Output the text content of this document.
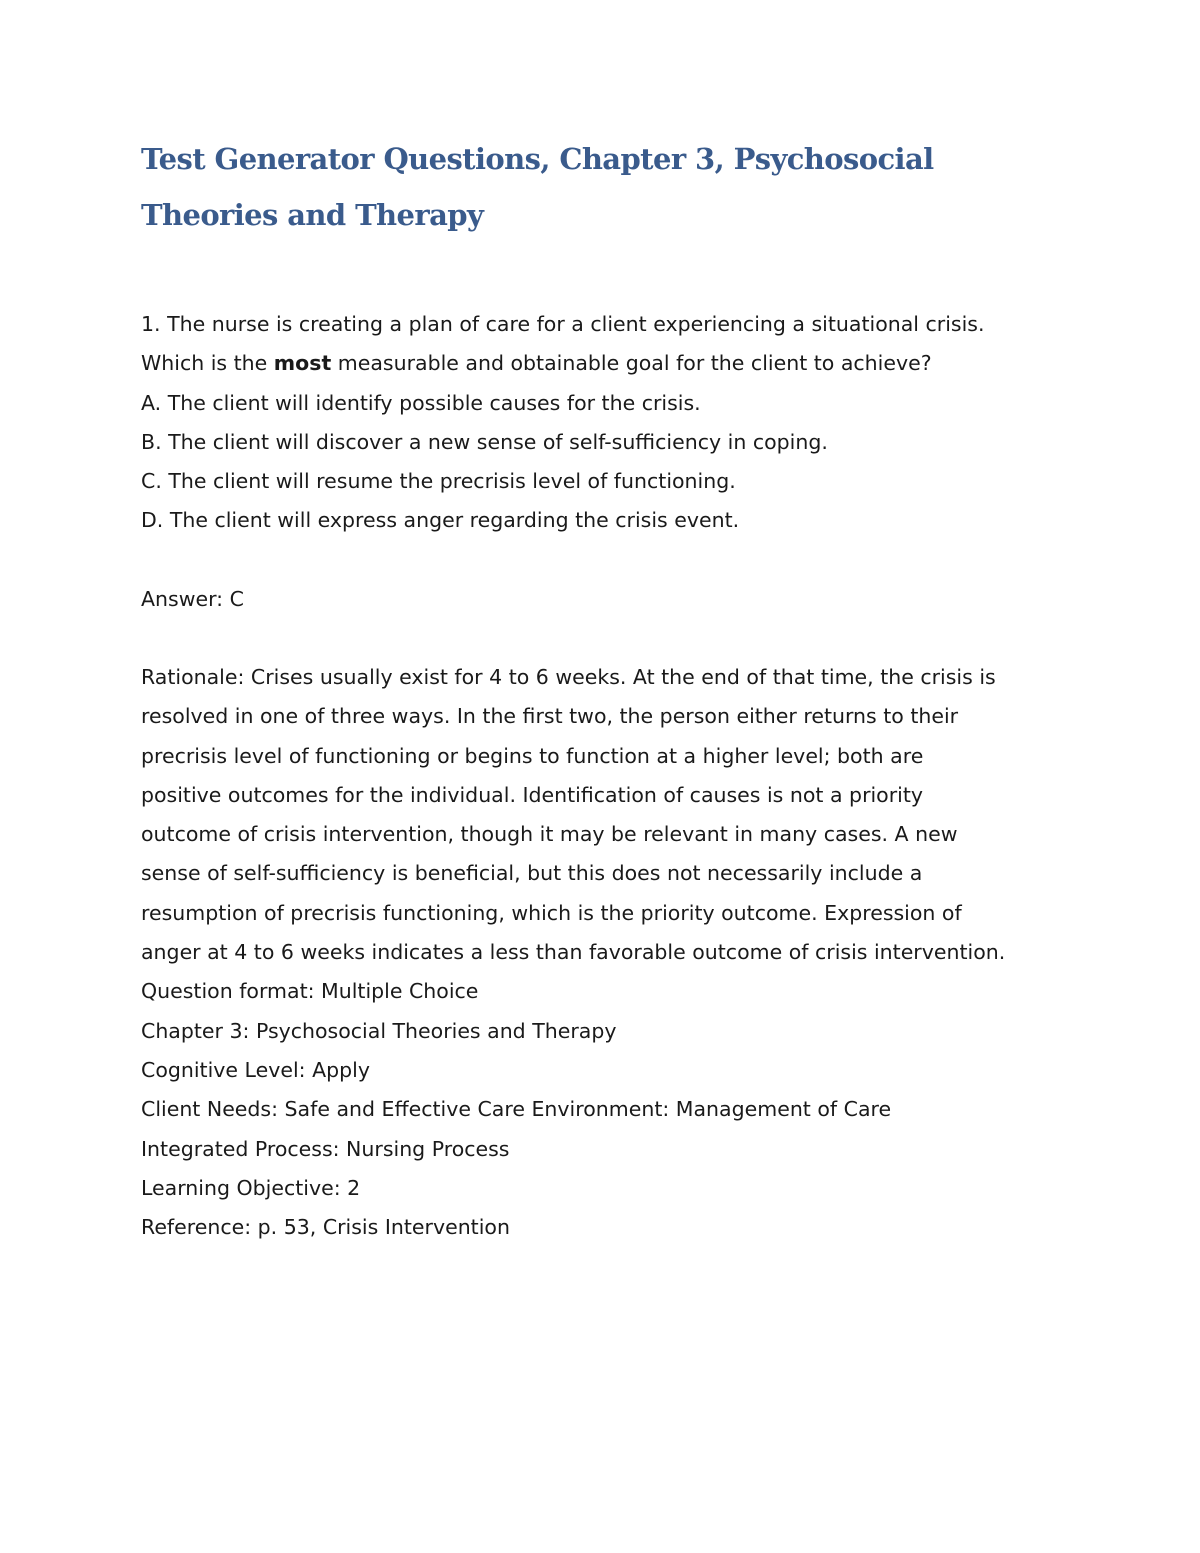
Test Generator Questions, Chapter 3, Psychosocial Theories and Therapy
1. The nurse is creating a plan of care for a client experiencing a situational crisis.
Which is the most measurable and obtainable goal for the client to achieve?
A. The client will identify possible causes for the crisis.
B. The client will discover a new sense of self-sufficiency in coping.
C. The client will resume the precrisis level of functioning.
D. The client will express anger regarding the crisis event.
Answer: C
Rationale: Crises usually exist for 4 to 6 weeks. At the end of that time, the crisis is
resolved in one of three ways. In the first two, the person either returns to their
precrisis level of functioning or begins to function at a higher level; both are
positive outcomes for the individual. Identification of causes is not a priority
outcome of crisis intervention, though it may be relevant in many cases. A new
sense of self-sufficiency is beneficial, but this does not necessarily include a
resumption of precrisis functioning, which is the priority outcome. Expression of
anger at 4 to 6 weeks indicates a less than favorable outcome of crisis intervention.
Question format: Multiple Choice
Chapter 3: Psychosocial Theories and Therapy
Cognitive Level: Apply
Client Needs: Safe and Effective Care Environment: Management of Care
Integrated Process: Nursing Process
Learning Objective: 2
Reference: p. 53, Crisis Intervention
